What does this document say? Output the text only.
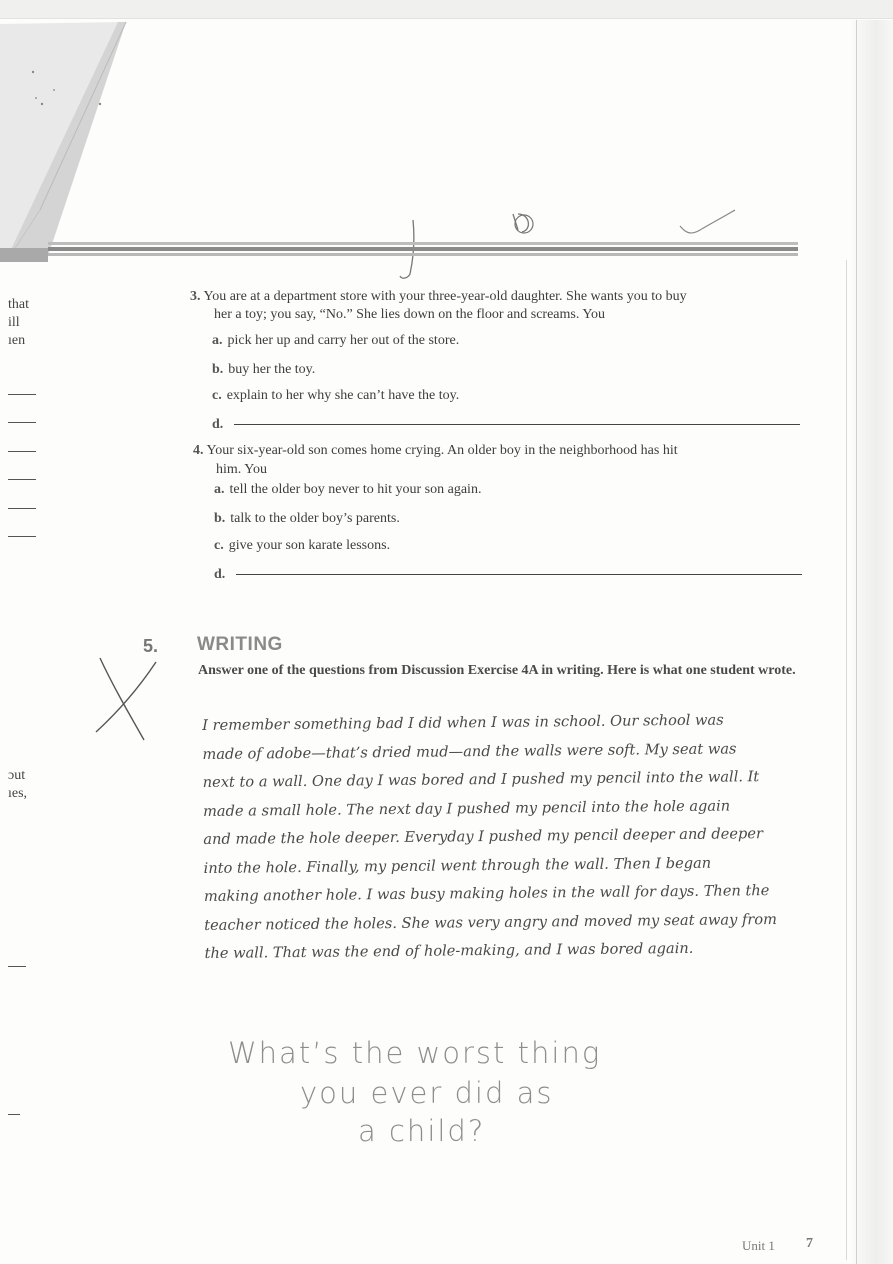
that
ill
ıen
ɔut
ıes,
3. You are at a department store with your three-year-old daughter. She wants you to buy
her a toy; you say, “No.” She lies down on the floor and screams. You
a. pick her up and carry her out of the store.
b. buy her the toy.
c. explain to her why she can’t have the toy.
d.
4. Your six-year-old son comes home crying. An older boy in the neighborhood has hit
him. You
a. tell the older boy never to hit your son again.
b. talk to the older boy’s parents.
c. give your son karate lessons.
d.
5. WRITING
Answer one of the questions from Discussion Exercise 4A in writing. Here is what one student wrote.
I remember something bad I did when I was in school. Our school was
made of adobe—that’s dried mud—and the walls were soft. My seat was
next to a wall. One day I was bored and I pushed my pencil into the wall. It
made a small hole. The next day I pushed my pencil into the hole again
and made the hole deeper. Everyday I pushed my pencil deeper and deeper
into the hole. Finally, my pencil went through the wall. Then I began
making another hole. I was busy making holes in the wall for days. Then the
teacher noticed the holes. She was very angry and moved my seat away from
the wall. That was the end of hole-making, and I was bored again.
What’s the worst thing
you ever did as
a child?
Unit 1 7
